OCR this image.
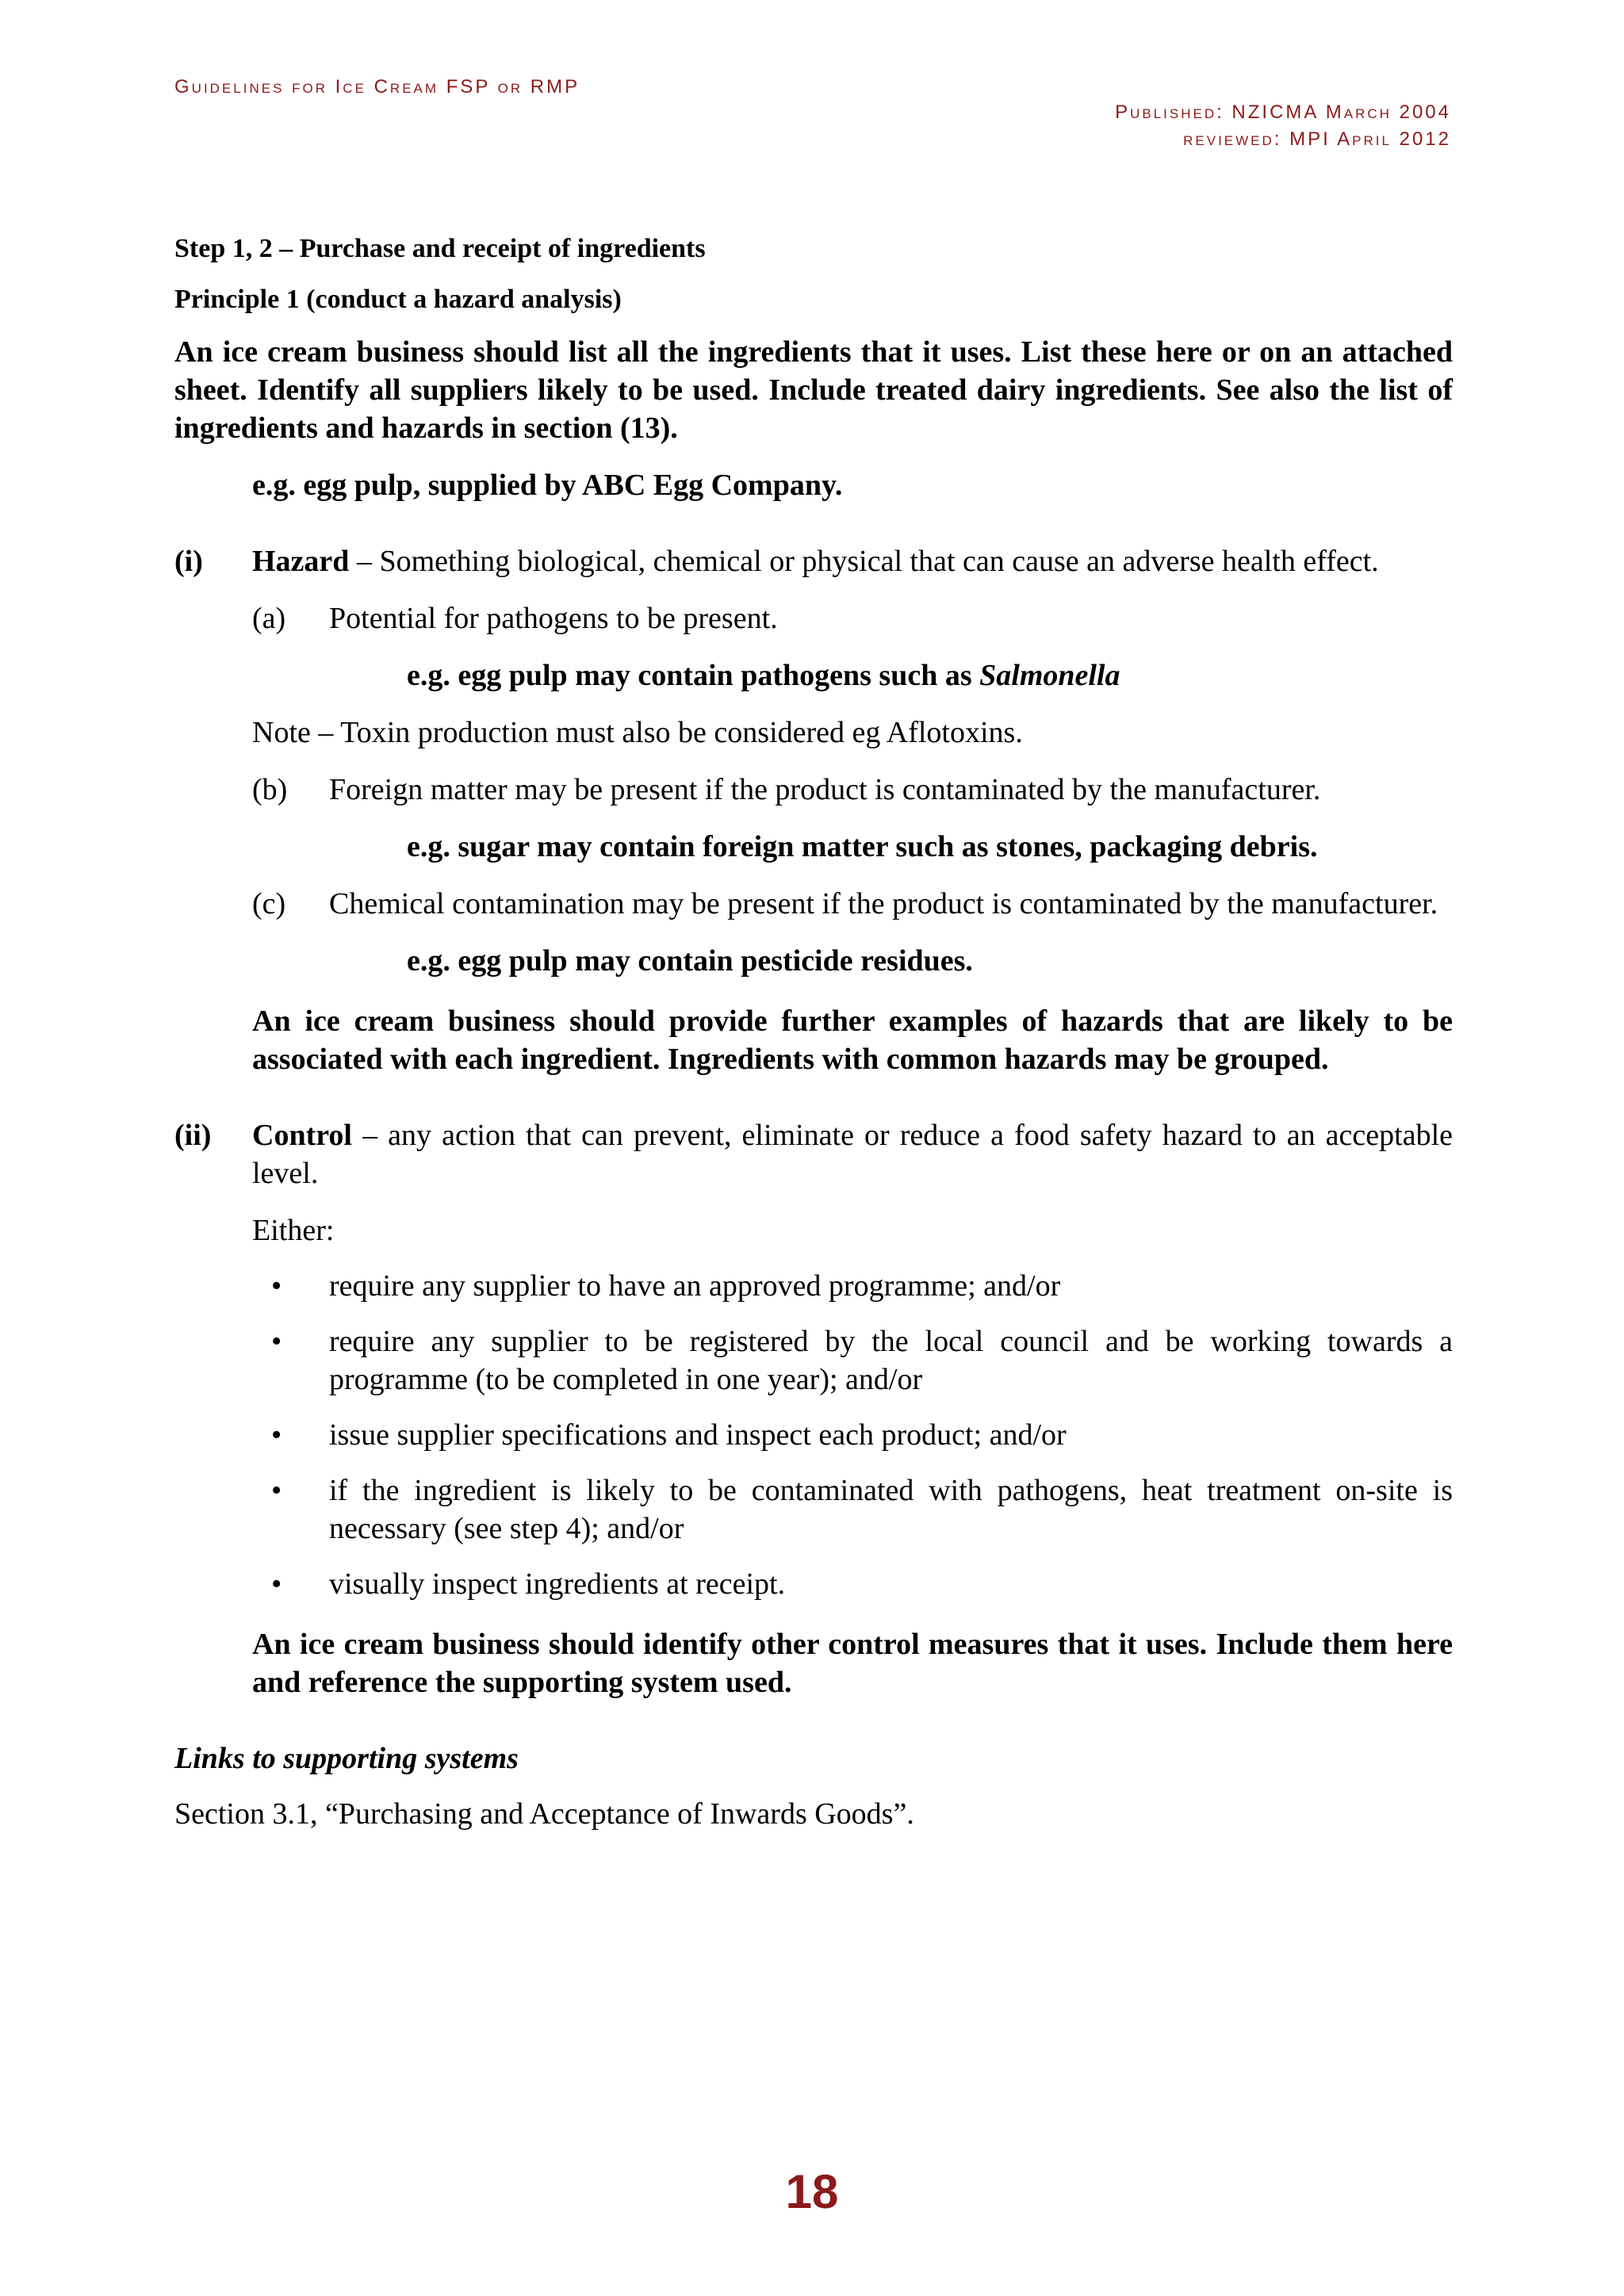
Guidelines for Ice Cream FSP or RMP
Published: NZICMA March 2004
reviewed: MPI April 2012

Step 1, 2 – Purchase and receipt of ingredients

Principle 1 (conduct a hazard analysis)

An ice cream business should list all the ingredients that it uses. List these here or on an attached sheet. Identify all suppliers likely to be used. Include treated dairy ingredients. See also the list of ingredients and hazards in section (13).

e.g. egg pulp, supplied by ABC Egg Company.

(i)	Hazard – Something biological, chemical or physical that can cause an adverse health effect.

(a)	Potential for pathogens to be present.

e.g. egg pulp may contain pathogens such as Salmonella

Note – Toxin production must also be considered eg Aflotoxins.

(b)	Foreign matter may be present if the product is contaminated by the manufacturer.

e.g. sugar may contain foreign matter such as stones, packaging debris.

(c)	Chemical contamination may be present if the product is contaminated by the manufacturer.

e.g. egg pulp may contain pesticide residues.

An ice cream business should provide further examples of hazards that are likely to be associated with each ingredient. Ingredients with common hazards may be grouped.

(ii)	Control – any action that can prevent, eliminate or reduce a food safety hazard to an acceptable level.

Either:

•	require any supplier to have an approved programme; and/or
•	require any supplier to be registered by the local council and be working towards a programme (to be completed in one year); and/or
•	issue supplier specifications and inspect each product; and/or
•	if the ingredient is likely to be contaminated with pathogens, heat treatment on-site is necessary (see step 4); and/or
•	visually inspect ingredients at receipt.

An ice cream business should identify other control measures that it uses. Include them here and reference the supporting system used.

Links to supporting systems

Section 3.1, “Purchasing and Acceptance of Inwards Goods”.

18
